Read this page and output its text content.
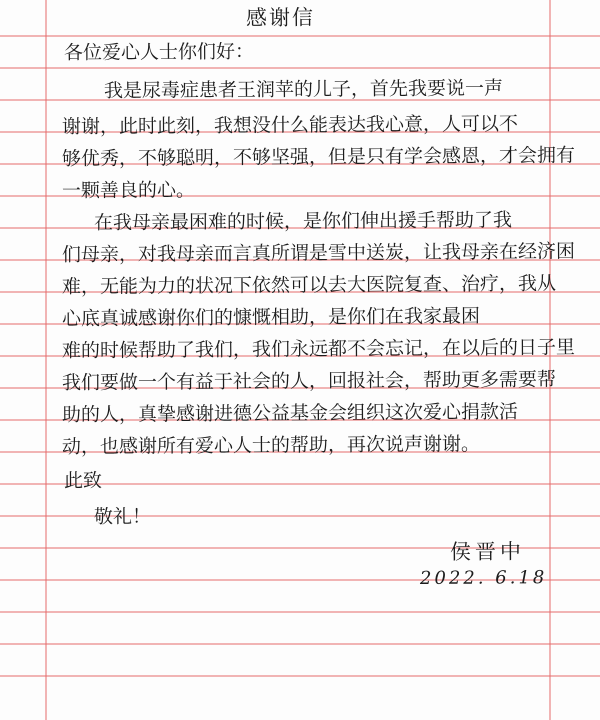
感谢信
各位爱心人士你们好：
我是尿毒症患者王润苹的儿子，首先我要说一声
谢谢，此时此刻，我想没什么能表达我心意，人可以不
够优秀，不够聪明，不够坚强，但是只有学会感恩，才会拥有
一颗善良的心。
在我母亲最困难的时候，是你们伸出援手帮助了我
们母亲，对我母亲而言真所谓是雪中送炭，让我母亲在经济困
难，无能为力的状况下依然可以去大医院复查、治疗，我从
心底真诚感谢你们的慷慨相助，是你们在我家最困
难的时候帮助了我们，我们永远都不会忘记，在以后的日子里
我们要做一个有益于社会的人，回报社会，帮助更多需要帮
助的人，真挚感谢进德公益基金会组织这次爱心捐款活
动，也感谢所有爱心人士的帮助，再次说声谢谢。
此致
敬礼！
侯晋中
2022. 6.18
